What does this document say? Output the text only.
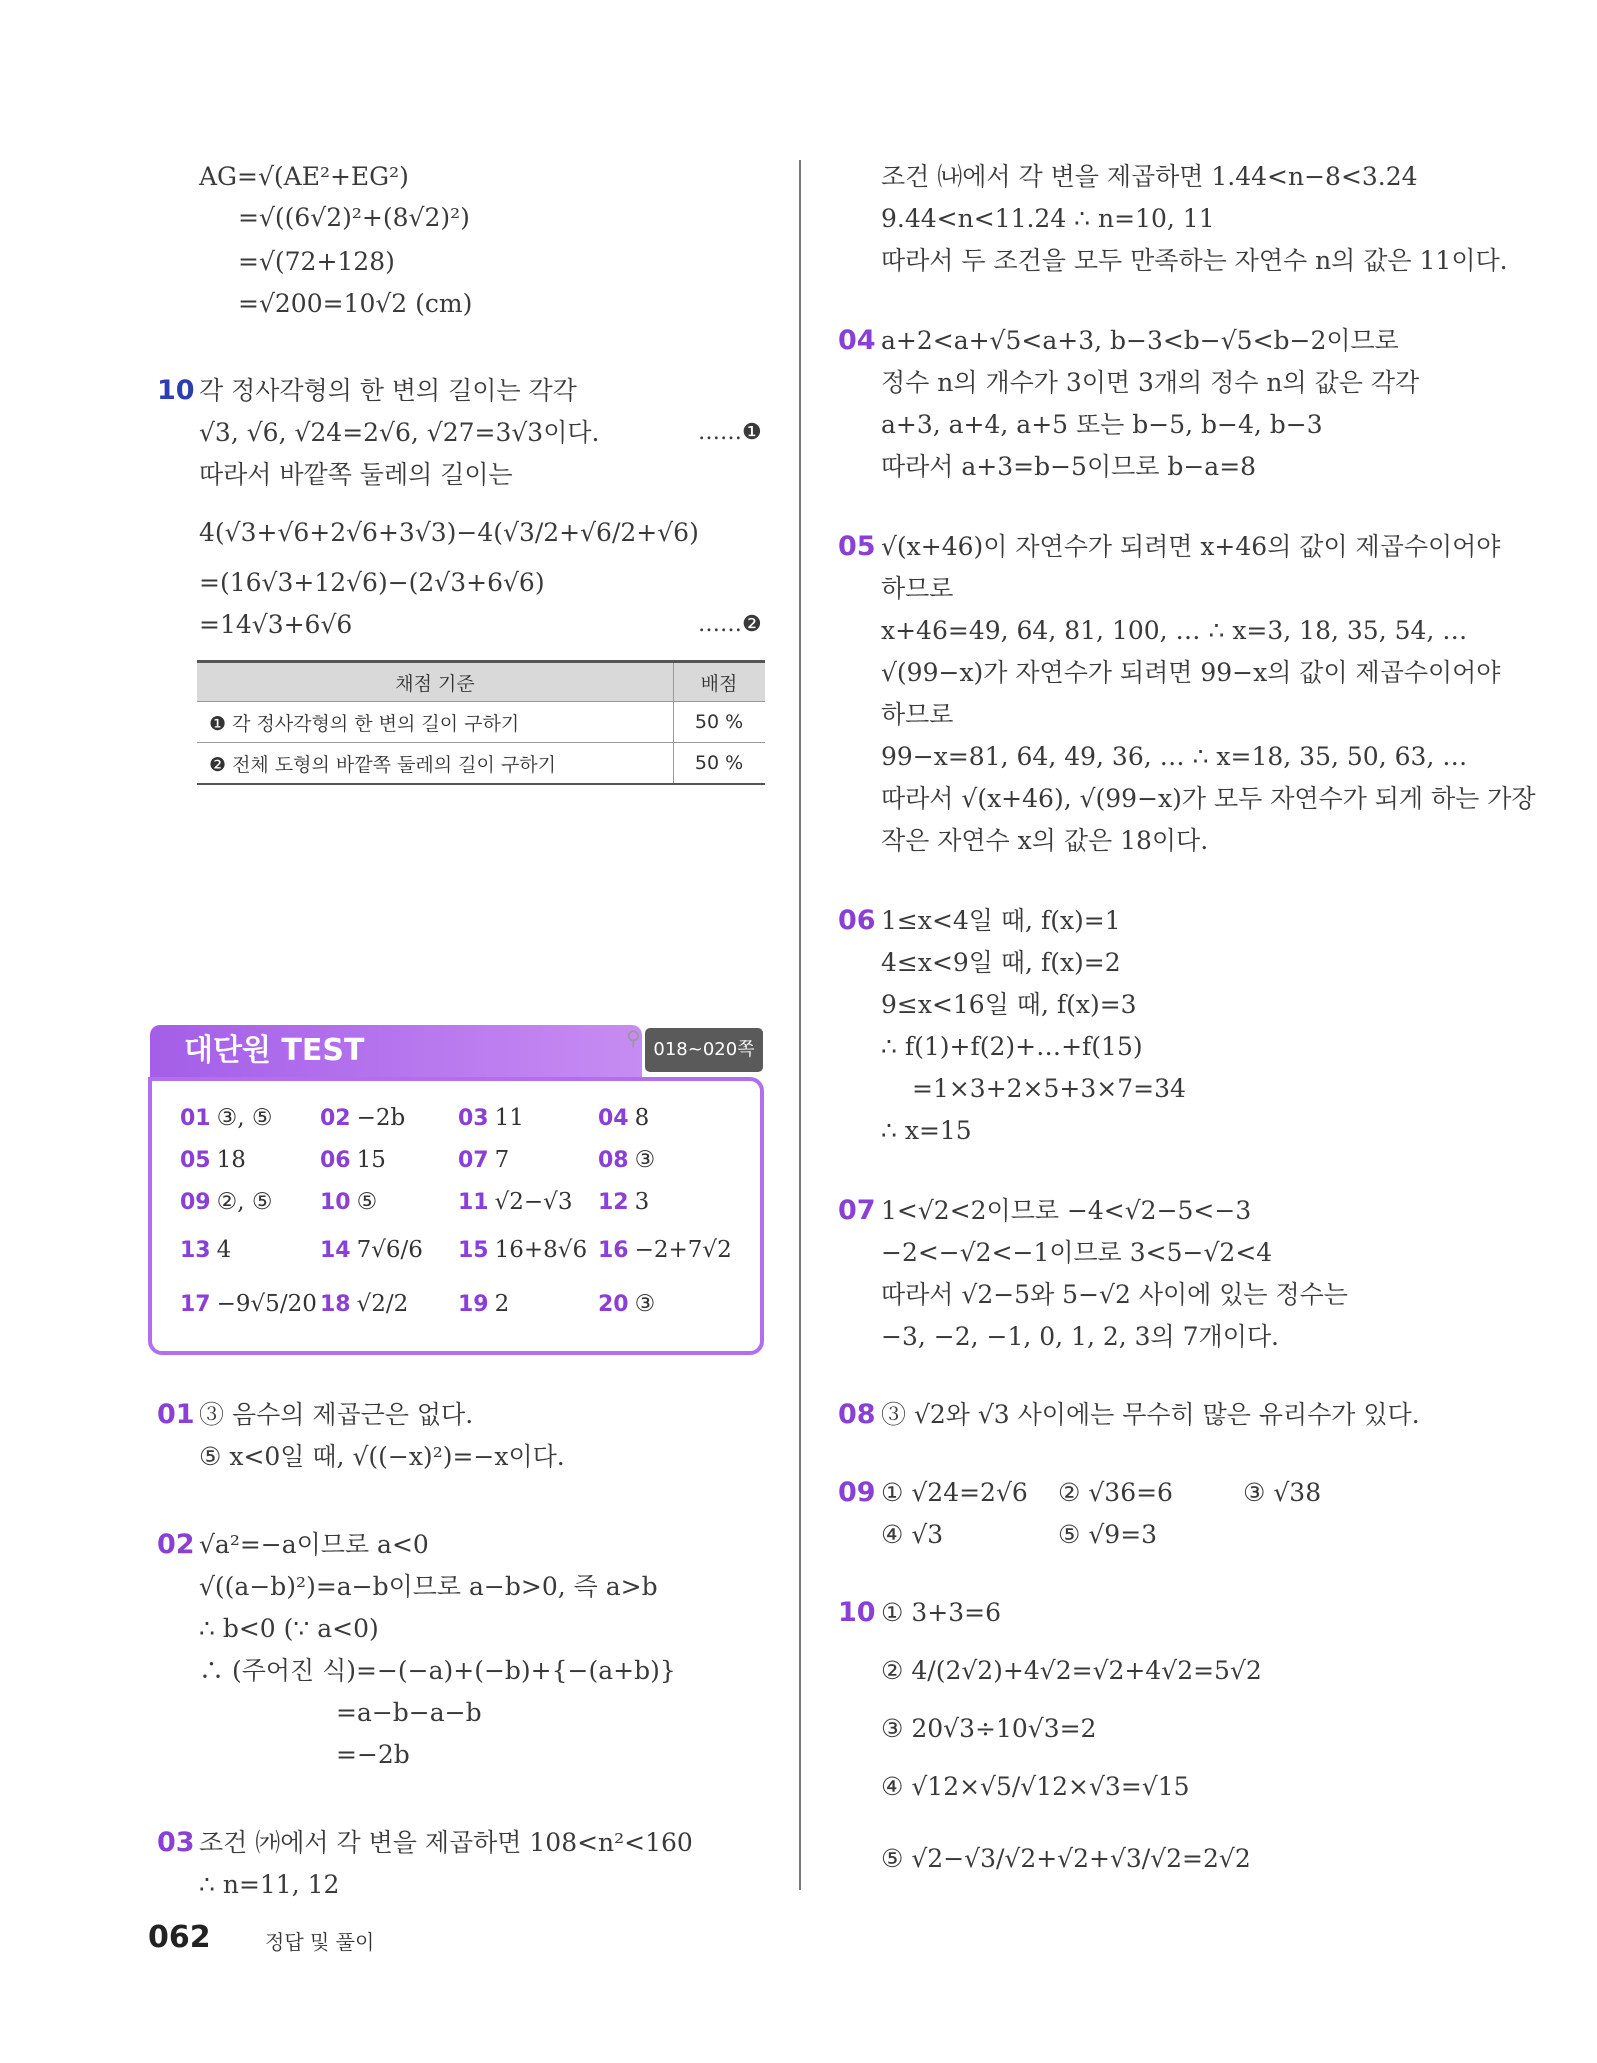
AG=√(AE²+EG²)
=√((6√2)²+(8√2)²)
=√(72+128)
=√200=10√2 (cm)
10 각 정사각형의 한 변의 길이는 각각
√3, √6, √24=2√6, √27=3√3이다.	……❶
따라서 바깥쪽 둘레의 길이는
4(√3+√6+2√6+3√3)−4(√3/2+√6/2+√6)
=(16√3+12√6)−(2√3+6√6)
=14√3+6√6	……❷
채점 기준	배점
❶ 각 정사각형의 한 변의 길이 구하기	50 %
❷ 전체 도형의 바깥쪽 둘레의 길이 구하기	50 %
대단원 TEST	⚲ 018~020쪽
01 ③, ⑤ 02 −2b 03 11	04 8
05 18	06 15	07 7	08 ③
09 ②, ⑤ 10 ⑤	11 √2−√3 12 3
13 4	14 7√6/6 15 16+8√6 16 −2+7√2
17 −9√5/20 18 √2/2 19 2	20 ③
01 ③ 음수의 제곱근은 없다.
⑤ x<0일 때, √((−x)²)=−x이다.
02 √a²=−a이므로 a<0
√((a−b)²)=a−b이므로 a−b>0, 즉 a>b
∴ b<0 (∵ a<0)
∴ (주어진 식)=−(−a)+(−b)+{−(a+b)}
=a−b−a−b
=−2b
03 조건 ㈎에서 각 변을 제곱하면 108<n²<160
∴ n=11, 12
조건 ㈏에서 각 변을 제곱하면 1.44<n−8<3.24
9.44<n<11.24 ∴ n=10, 11
따라서 두 조건을 모두 만족하는 자연수 n의 값은 11이다.
04 a+2<a+√5<a+3, b−3<b−√5<b−2이므로
정수 n의 개수가 3이면 3개의 정수 n의 값은 각각
a+3, a+4, a+5 또는 b−5, b−4, b−3
따라서 a+3=b−5이므로 b−a=8
05 √(x+46)이 자연수가 되려면 x+46의 값이 제곱수이어야
하므로
x+46=49, 64, 81, 100, … ∴ x=3, 18, 35, 54, …
√(99−x)가 자연수가 되려면 99−x의 값이 제곱수이어야
하므로
99−x=81, 64, 49, 36, … ∴ x=18, 35, 50, 63, …
따라서 √(x+46), √(99−x)가 모두 자연수가 되게 하는 가장
작은 자연수 x의 값은 18이다.
06 1≤x<4일 때, f(x)=1
4≤x<9일 때, f(x)=2
9≤x<16일 때, f(x)=3
∴ f(1)+f(2)+…+f(15)
=1×3+2×5+3×7=34
∴ x=15
07 1<√2<2이므로 −4<√2−5<−3
−2<−√2<−1이므로 3<5−√2<4
따라서 √2−5와 5−√2 사이에 있는 정수는
−3, −2, −1, 0, 1, 2, 3의 7개이다.
08 ③ √2와 √3 사이에는 무수히 많은 유리수가 있다.
09 ① √24=2√6 ② √36=6	③ √38
④ √3	⑤ √9=3
10 ① 3+3=6
② 4/(2√2)+4√2=√2+4√2=5√2
③ 20√3÷10√3=2
④ √12×√5/√12×√3=√15
⑤ √2−√3/√2+√2+√3/√2=2√2
062	정답 및 풀이
